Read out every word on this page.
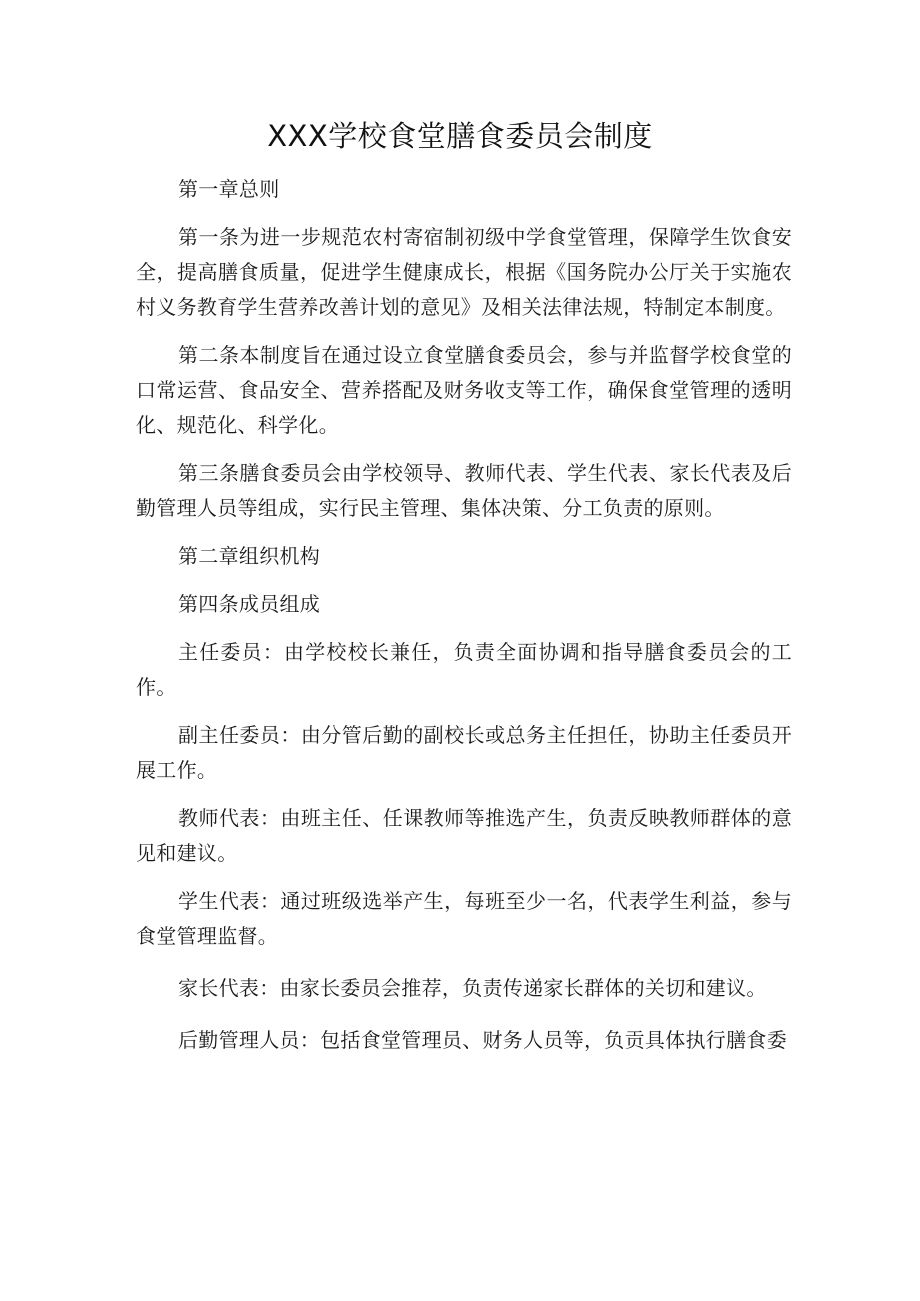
XXX学校食堂膳食委员会制度

第一章总则

第一条为进一步规范农村寄宿制初级中学食堂管理，保障学生饮食安全，提高膳食质量，促进学生健康成长，根据《国务院办公厅关于实施农村义务教育学生营养改善计划的意见》及相关法律法规，特制定本制度。

第二条本制度旨在通过设立食堂膳食委员会，参与并监督学校食堂的口常运营、食品安全、营养搭配及财务收支等工作，确保食堂管理的透明化、规范化、科学化。

第三条膳食委员会由学校领导、教师代表、学生代表、家长代表及后勤管理人员等组成，实行民主管理、集体决策、分工负责的原则。

第二章组织机构

第四条成员组成

主任委员：由学校校长兼任，负责全面协调和指导膳食委员会的工作。

副主任委员：由分管后勤的副校长或总务主任担任，协助主任委员开展工作。

教师代表：由班主任、任课教师等推选产生，负责反映教师群体的意见和建议。

学生代表：通过班级选举产生，每班至少一名，代表学生利益，参与食堂管理监督。

家长代表：由家长委员会推荐，负责传递家长群体的关切和建议。

后勤管理人员：包括食堂管理员、财务人员等，负贡具体执行膳食委
